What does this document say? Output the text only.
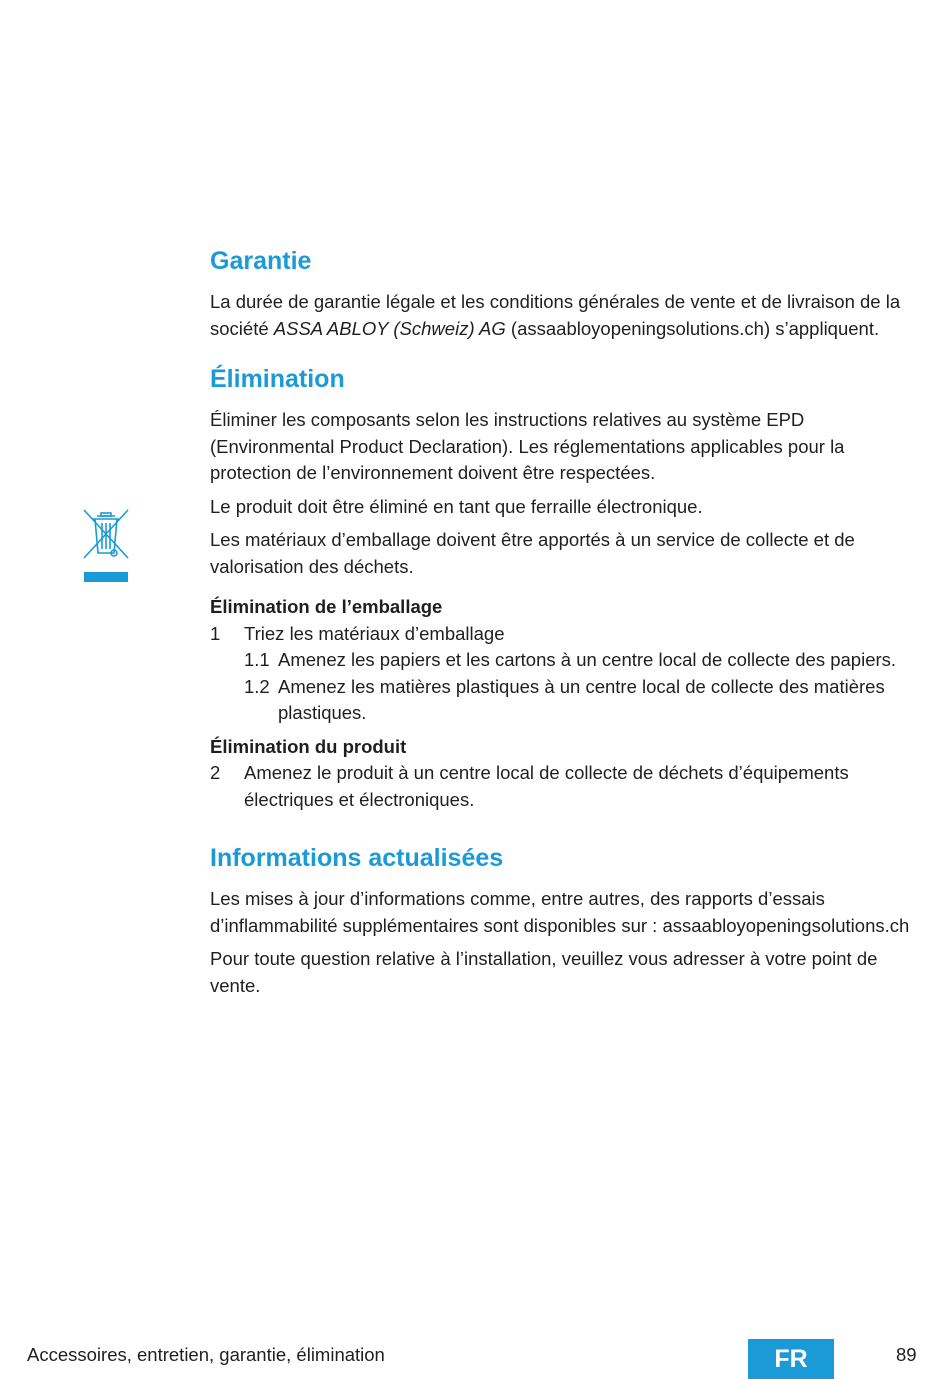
Garantie

La durée de garantie légale et les conditions générales de vente et de livraison de la société ASSA ABLOY (Schweiz) AG (assaabloyopeningsolutions.ch) s’appliquent.

Élimination

Éliminer les composants selon les instructions relatives au système EPD (Environmental Product Declaration). Les réglementations applicables pour la protection de l’environnement doivent être respectées.

Le produit doit être éliminé en tant que ferraille électronique.

Les matériaux d’emballage doivent être apportés à un service de collecte et de valorisation des déchets.

Élimination de l’emballage
1	Triez les matériaux d’emballage
1.1 Amenez les papiers et les cartons à un centre local de collecte des papiers.
1.2 Amenez les matières plastiques à un centre local de collecte des matières plastiques.
Élimination du produit
2	Amenez le produit à un centre local de collecte de déchets d’équipements électriques et électroniques.
Informations actualisées

Les mises à jour d’informations comme, entre autres, des rapports d’essais d’inflammabilité supplémentaires sont disponibles sur : assaabloyopeningsolutions.ch

Pour toute question relative à l’installation, veuillez vous adresser à votre point de vente.

Accessoires, entretien, garantie, élimination	FR	89
